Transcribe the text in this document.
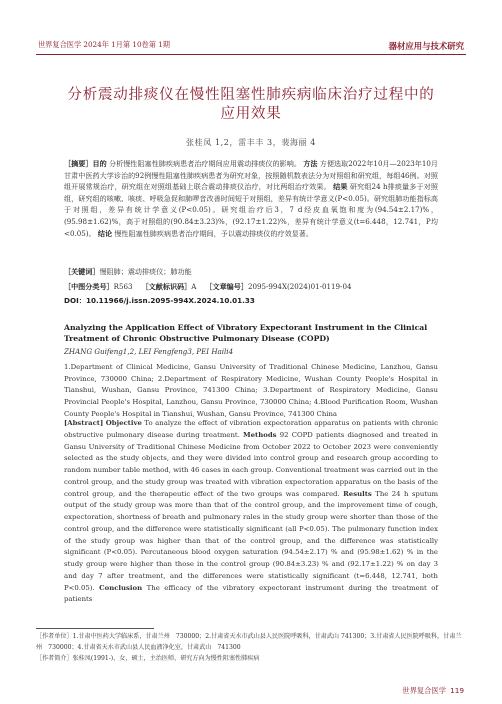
世界复合医学 2024年 1月第 10卷第 1期	器材应用与技术研究
分析震动排痰仪在慢性阻塞性肺疾病临床治疗过程中的
应用效果
张桂凤 1,2，雷丰丰 3，裴海丽 4
［摘要］目的 分析慢性阻塞性肺疾病患者治疗期间应用震动排痰仪的影响。 方法 方便选取2022年10月—2023年10月甘肃中医药大学诊治的92例慢性阻塞性肺疾病患者为研究对象，按照随机数表法分为对照组和研究组，每组46例。对照组开展常规治疗，研究组在对照组基础上联合震动排痰仪治疗，对比两组治疗效果。 结果 研究组24 h排痰量多于对照组，研究组的咳嗽、咳痰、呼吸急促和肺啰音改善时间短于对照组，差异有统计学意义(P<0.05)。研究组肺功能指标高于对照组，差异有统计学意义(P<0.05)。研究组治疗后3，7 d经皮血氧饱和度为(94.54±2.17)%，(95.98±1.62)%，高于对照组的(90.84±3.23)%，(92.17±1.22)%，差异有统计学意义(t=6.448，12.741，P均<0.05)。 结论 慢性阻塞性肺疾病患者治疗期间，予以震动排痰仪的疗效显著。
［关键词］慢阻肺；震动排痰仪；肺功能
［中图分类号］R563 ［文献标识码］A ［文章编号］2095-994X(2024)01-0119-04
DOI：10.11966/j.issn.2095-994X.2024.10.01.33
Analyzing the Application Effect of Vibratory Expectorant Instrument in the Clinical Treatment of Chronic Obstructive Pulmonary Disease (COPD)
ZHANG Guifeng1,2, LEI Fengfeng3, PEI Haili4
1.Department of Clinical Medicine, Gansu University of Traditional Chinese Medicine, Lanzhou, Gansu Province, 730000 China; 2.Department of Respiratory Medicine, Wushan County People's Hospital in Tianshui, Wushan, Gansu Province, 741300 China; 3.Department of Respiratory Medicine, Gansu Provincial People's Hospital, Lanzhou, Gansu Province, 730000 China; 4.Blood Purification Room, Wushan County People's Hospital in Tianshui, Wushan, Gansu Province, 741300 China
[Abstract] Objective To analyze the effect of vibration expectoration apparatus on patients with chronic obstructive pulmonary disease during treatment. Methods 92 COPD patients diagnosed and treated in Gansu University of Traditional Chinese Medicine from October 2022 to October 2023 were conveniently selected as the study objects, and they were divided into control group and research group according to random number table method, with 46 cases in each group. Conventional treatment was carried out in the control group, and the study group was treated with vibration expectoration apparatus on the basis of the control group, and the therapeutic effect of the two groups was compared. Results The 24 h sputum output of the study group was more than that of the control group, and the improvement time of cough, expectoration, shortness of breath and pulmonary rales in the study group were shorter than those of the control group, and the difference were statistically significant (all P<0.05). The pulmonary function index of the study group was higher than that of the control group, and the difference was statistically significant (P<0.05). Percutaneous blood oxygen saturation (94.54±2.17) % and (95.98±1.62) % in the study group were higher than those in the control group (90.84±3.23) % and (92.17±1.22) % on day 3 and day 7 after treatment, and the differences were statistically significant (t=6.448, 12.741, both P<0.05). Conclusion The efficacy of the vibratory expectorant instrument during the treatment of patients
［作者单位］1.甘肃中医药大学临床系，甘肃兰州　730000；2.甘肃省天水市武山县人民医院呼吸科，甘肃武山 741300；3.甘肃省人民医院呼吸科，甘肃兰州　730000；4.甘肃省天水市武山县人民血液净化室，甘肃武山　741300
［作者简介］张桂凤(1991-)，女，硕士，主治医师，研究方向为慢性阻塞性肺疾病
世界复合医学 119
